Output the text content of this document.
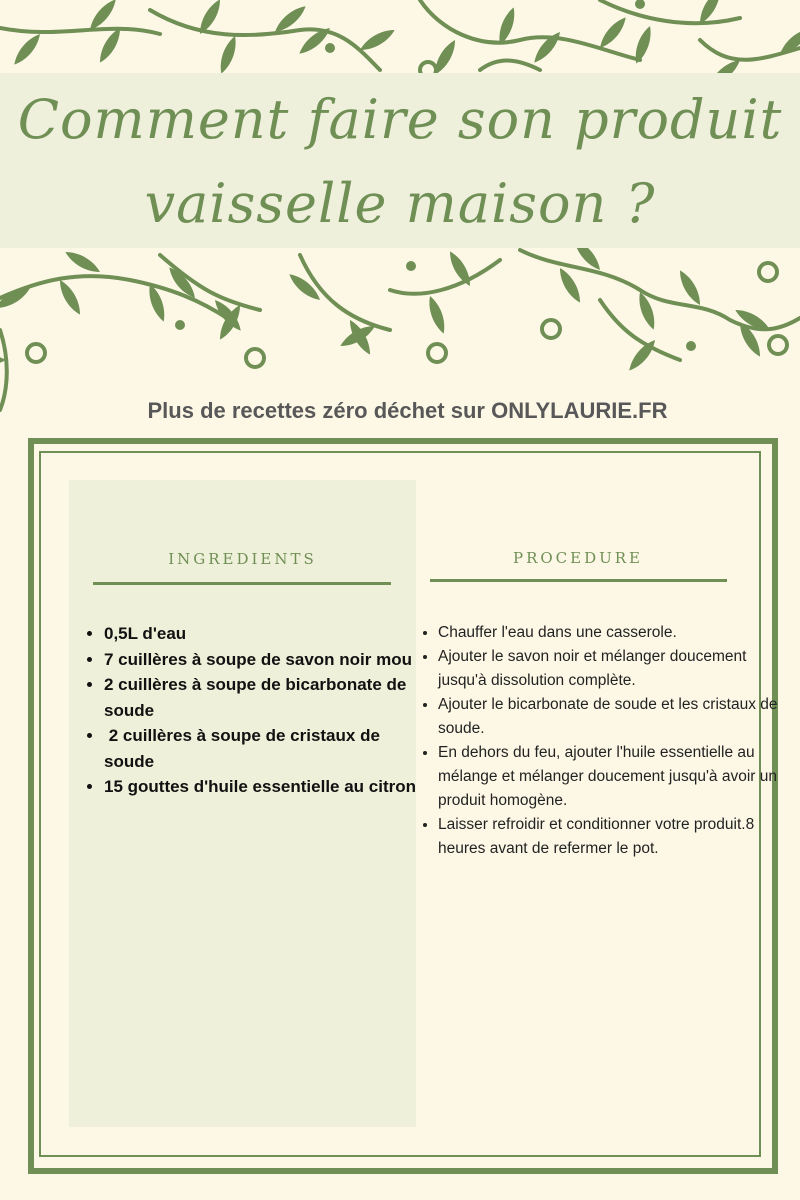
Comment faire son produit
vaisselle maison ?
Plus de recettes zéro déchet sur ONLYLAURIE.FR
INGREDIENTS	PROCEDURE
• 0,5L d'eau
• 7 cuillères à soupe de savon noir mou
• 2 cuillères à soupe de bicarbonate de soude
•  2 cuillères à soupe de cristaux de soude
• 15 gouttes d'huile essentielle au citron
• Chauffer l'eau dans une casserole.
• Ajouter le savon noir et mélanger doucement jusqu'à dissolution complète.
• Ajouter le bicarbonate de soude et les cristaux de soude.
• En dehors du feu, ajouter l'huile essentielle au mélange et mélanger doucement jusqu'à avoir un produit homogène.
• Laisser refroidir et conditionner votre produit.8 heures avant de refermer le pot.
